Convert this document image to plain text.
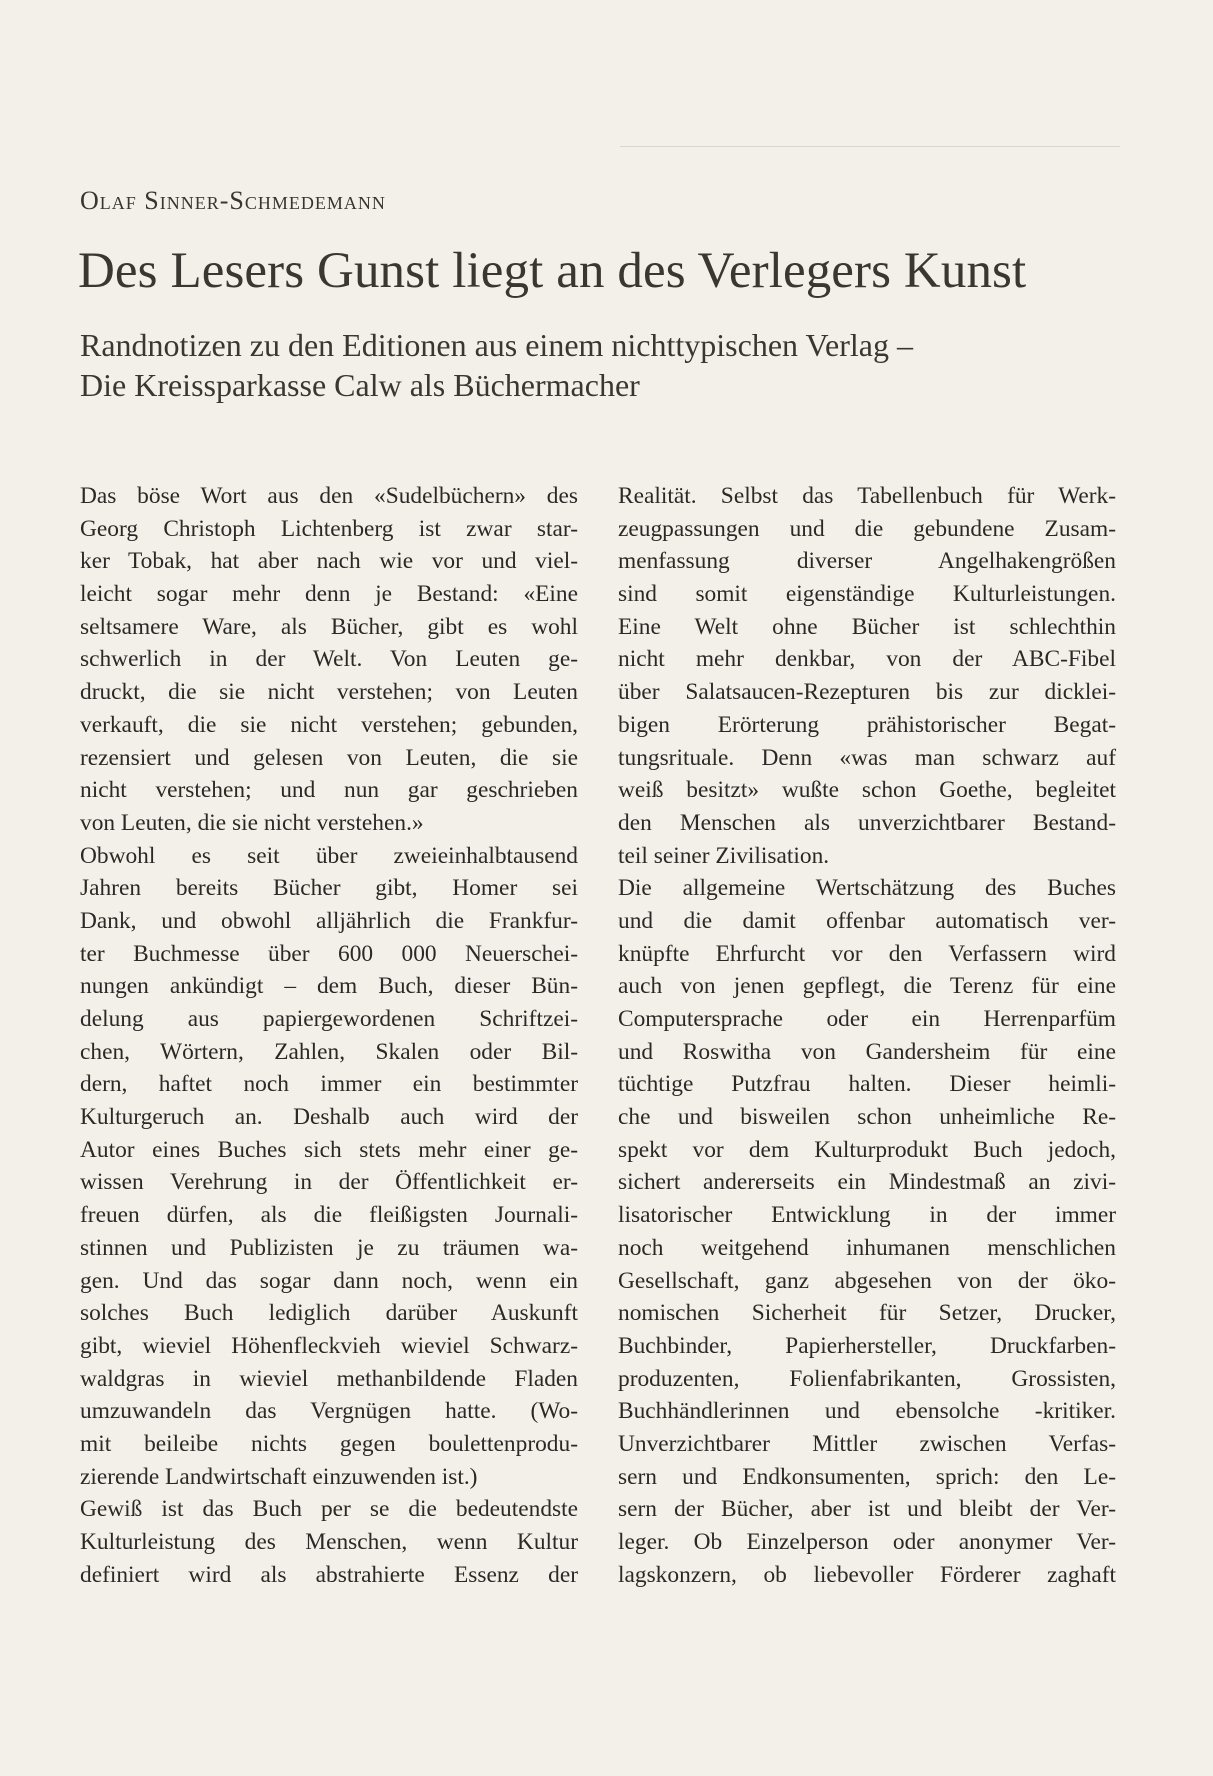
Olaf Sinner-Schmedemann
Des Lesers Gunst liegt an des Verlegers Kunst
Randnotizen zu den Editionen aus einem nichttypischen Verlag –
Die Kreissparkasse Calw als Büchermacher
Das böse Wort aus den «Sudelbüchern» des
Georg Christoph Lichtenberg ist zwar star-
ker Tobak, hat aber nach wie vor und viel-
leicht sogar mehr denn je Bestand: «Eine
seltsamere Ware, als Bücher, gibt es wohl
schwerlich in der Welt. Von Leuten ge-
druckt, die sie nicht verstehen; von Leuten
verkauft, die sie nicht verstehen; gebunden,
rezensiert und gelesen von Leuten, die sie
nicht verstehen; und nun gar geschrieben
von Leuten, die sie nicht verstehen.»
Obwohl es seit über zweieinhalbtausend
Jahren bereits Bücher gibt, Homer sei
Dank, und obwohl alljährlich die Frankfur-
ter Buchmesse über 600 000 Neuerschei-
nungen ankündigt – dem Buch, dieser Bün-
delung aus papiergewordenen Schriftzei-
chen, Wörtern, Zahlen, Skalen oder Bil-
dern, haftet noch immer ein bestimmter
Kulturgeruch an. Deshalb auch wird der
Autor eines Buches sich stets mehr einer ge-
wissen Verehrung in der Öffentlichkeit er-
freuen dürfen, als die fleißigsten Journali-
stinnen und Publizisten je zu träumen wa-
gen. Und das sogar dann noch, wenn ein
solches Buch lediglich darüber Auskunft
gibt, wieviel Höhenfleckvieh wieviel Schwarz-
waldgras in wieviel methanbildende Fladen
umzuwandeln das Vergnügen hatte. (Wo-
mit beileibe nichts gegen boulettenprodu-
zierende Landwirtschaft einzuwenden ist.)
Gewiß ist das Buch per se die bedeutendste
Kulturleistung des Menschen, wenn Kultur
definiert wird als abstrahierte Essenz der
Realität. Selbst das Tabellenbuch für Werk-
zeugpassungen und die gebundene Zusam-
menfassung diverser Angelhakengrößen
sind somit eigenständige Kulturleistungen.
Eine Welt ohne Bücher ist schlechthin
nicht mehr denkbar, von der ABC-Fibel
über Salatsaucen-Rezepturen bis zur dicklei-
bigen Erörterung prähistorischer Begat-
tungsrituale. Denn «was man schwarz auf
weiß besitzt» wußte schon Goethe, begleitet
den Menschen als unverzichtbarer Bestand-
teil seiner Zivilisation.
Die allgemeine Wertschätzung des Buches
und die damit offenbar automatisch ver-
knüpfte Ehrfurcht vor den Verfassern wird
auch von jenen gepflegt, die Terenz für eine
Computersprache oder ein Herrenparfüm
und Roswitha von Gandersheim für eine
tüchtige Putzfrau halten. Dieser heimli-
che und bisweilen schon unheimliche Re-
spekt vor dem Kulturprodukt Buch jedoch,
sichert andererseits ein Mindestmaß an zivi-
lisatorischer Entwicklung in der immer
noch weitgehend inhumanen menschlichen
Gesellschaft, ganz abgesehen von der öko-
nomischen Sicherheit für Setzer, Drucker,
Buchbinder, Papierhersteller, Druckfarben-
produzenten, Folienfabrikanten, Grossisten,
Buchhändlerinnen und ebensolche -kritiker.
Unverzichtbarer Mittler zwischen Verfas-
sern und Endkonsumenten, sprich: den Le-
sern der Bücher, aber ist und bleibt der Ver-
leger. Ob Einzelperson oder anonymer Ver-
lagskonzern, ob liebevoller Förderer zaghaft
